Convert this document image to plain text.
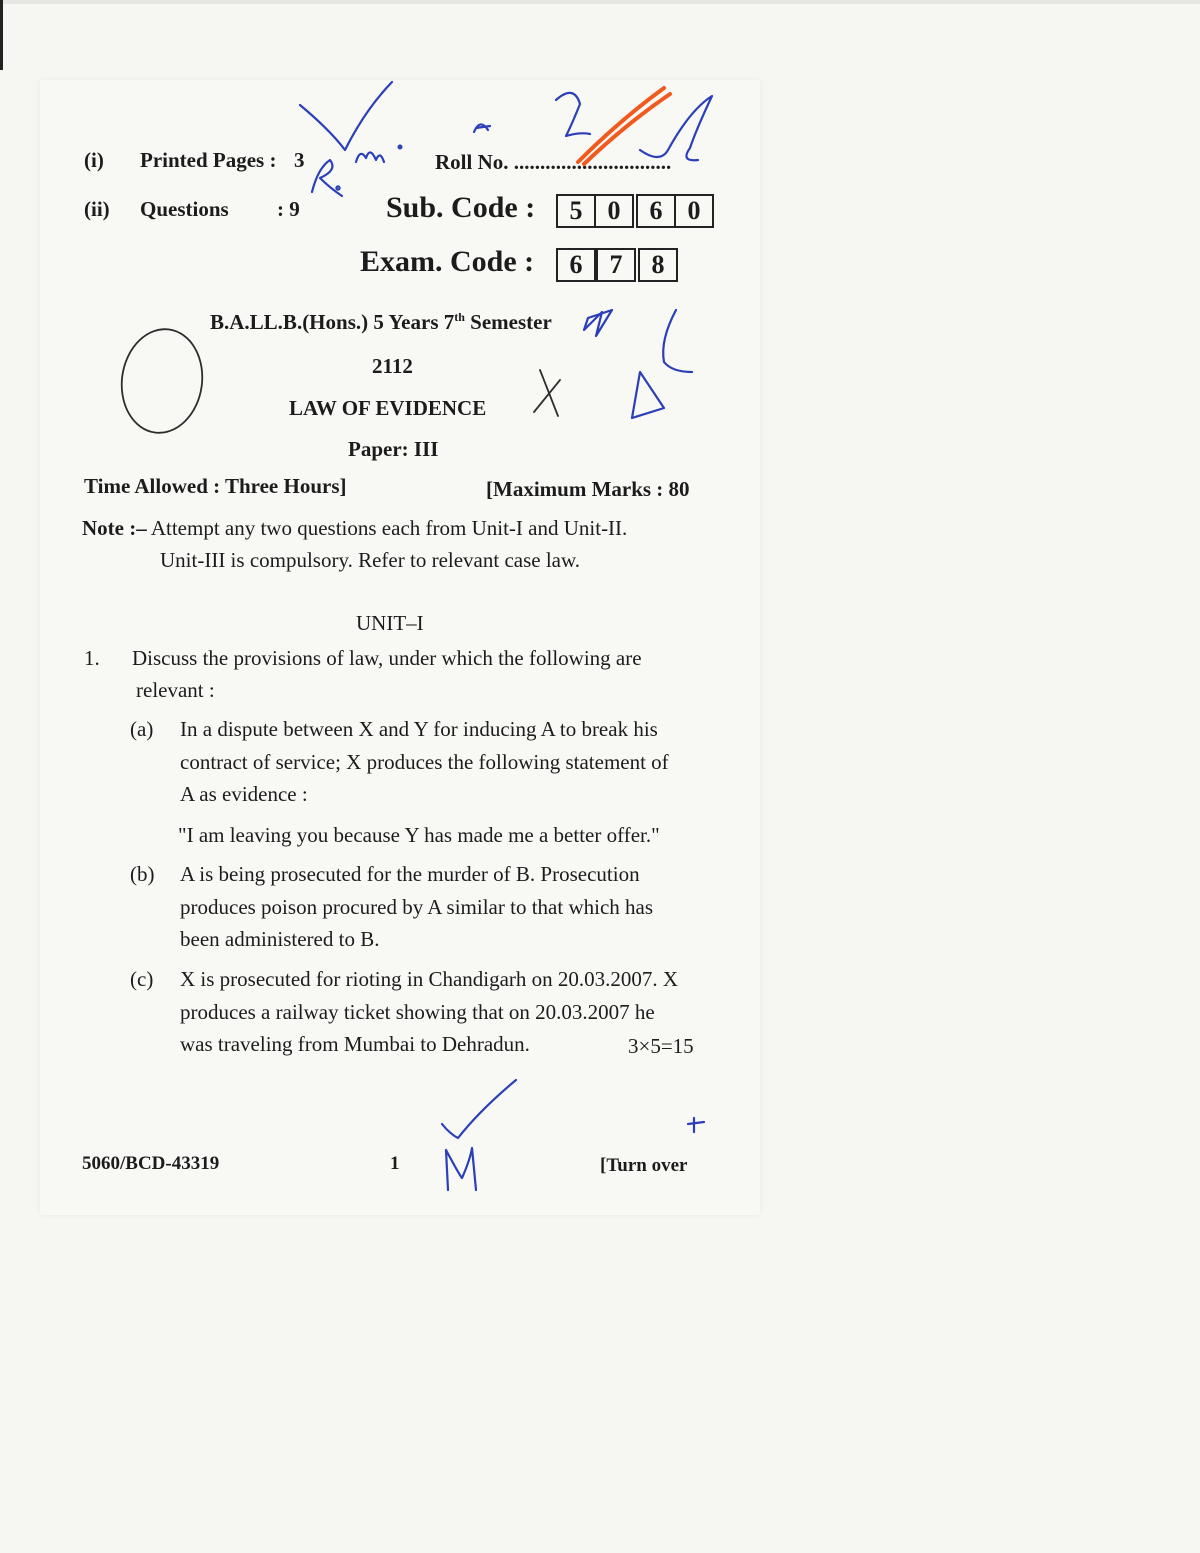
(i) Printed Pages : 3	Roll No. ..............................
(ii) Questions : 9	Sub. Code :	5 0	6 0
Exam. Code :	6	7	8
B.A.LL.B.(Hons.) 5 Years 7th Semester
2112
LAW OF EVIDENCE
Paper: III
Time Allowed : Three Hours]	[Maximum Marks : 80
Note :– Attempt any two questions each from Unit-I and Unit-II.
Unit-III is compulsory. Refer to relevant case law.
UNIT–I
1. Discuss the provisions of law, under which the following are
relevant :
(a) In a dispute between X and Y for inducing A to break his
contract of service; X produces the following statement of
A as evidence :
"I am leaving you because Y has made me a better offer."
(b) A is being prosecuted for the murder of B. Prosecution
produces poison procured by A similar to that which has
been administered to B.
(c) X is prosecuted for rioting in Chandigarh on 20.03.2007. X
produces a railway ticket showing that on 20.03.2007 he
was traveling from Mumbai to Dehradun.	3×5=15
5060/BCD-43319	1	[Turn over
